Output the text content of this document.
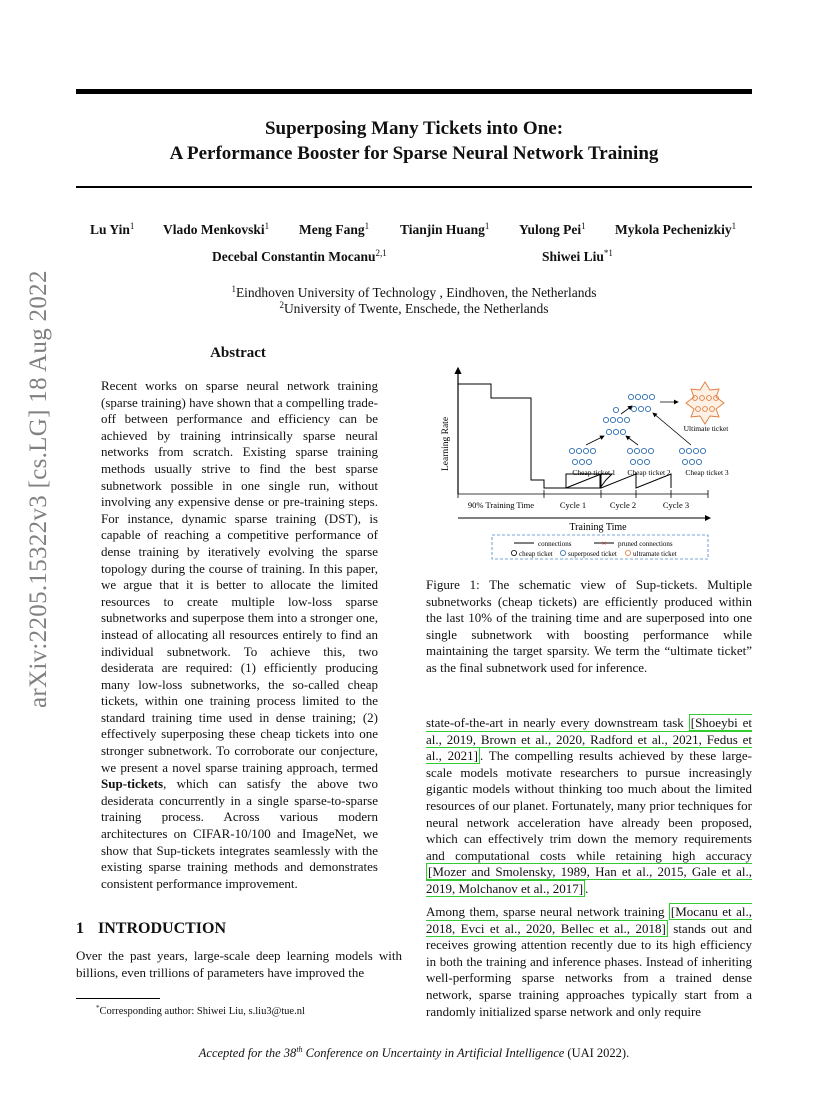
Superposing Many Tickets into One:
A Performance Booster for Sparse Neural Network Training
arXiv:2205.15322v3 [cs.LG] 18 Aug 2022
Lu Yin$^1$ Vlado Menkovski$^1$ Meng Fang$^1$ Tianjin Huang$^1$ Yulong Pei$^1$ Mykola Pechenizkiy$^1$
Decebal Constantin Mocanu$^{2,1}$	Shiwei Liu$^{*1}$
$^1$Eindhoven University of Technology , Eindhoven, the Netherlands
$^2$University of Twente, Enschede, the Netherlands
Abstract
Recent works on sparse neural network training (sparse training) have shown that a compelling trade-off between performance and efficiency can be achieved by training intrinsically sparse neural networks from scratch. Existing sparse training methods usually strive to find the best sparse subnetwork possible in one single run, without involving any expensive dense or pre-training steps. For instance, dynamic sparse training (DST), is capable of reaching a competitive performance of dense training by iteratively evolving the sparse topology during the course of training. In this paper, we argue that it is better to allocate the limited resources to create multiple low-loss sparse subnetworks and superpose them into a stronger one, instead of allocating all resources entirely to find an individual subnetwork. To achieve this, two desiderata are required: (1) efficiently producing many low-loss subnetworks, the so-called cheap tickets, within one training process limited to the standard training time used in dense training; (2) effectively superposing these cheap tickets into one stronger subnetwork. To corroborate our conjecture, we present a novel sparse training approach, termed Sup-tickets, which can satisfy the above two desiderata concurrently in a single sparse-to-sparse training process. Across various modern architectures on CIFAR-10/100 and ImageNet, we show that Sup-tickets integrates seamlessly with the existing sparse training methods and demonstrates consistent performance improvement.
1 INTRODUCTION
Over the past years, large-scale deep learning models with billions, even trillions of parameters have improved the
*Corresponding author: Shiwei Liu, s.liu3@tue.nl
Learning Rate
Training Time
90% Training Time	Cycle 1	Cycle 2	Cycle 3
Cheap ticket 1 Cheap ticket 2 Cheap ticket 3
Ultimate ticket
connections	× pruned connections
cheap ticket superposed ticket ultramate ticket
Figure 1: The schematic view of Sup-tickets. Multiple subnetworks (cheap tickets) are efficiently produced within the last 10% of the training time and are superposed into one single subnetwork with boosting performance while maintaining the target sparsity. We term the “ultimate ticket” as the final subnetwork used for inference.
state-of-the-art in nearly every downstream task [Shoeybi et al., 2019, Brown et al., 2020, Radford et al., 2021, Fedus et al., 2021] . The compelling results achieved by these large-scale models motivate researchers to pursue increasingly gigantic models without thinking too much about the limited resources of our planet. Fortunately, many prior techniques for neural network acceleration have already been proposed, which can effectively trim down the memory requirements and computational costs while retaining high accuracy [Mozer and Smolensky, 1989, Han et al., 2015, Gale et al., 2019, Molchanov et al., 2017] .
Among them, sparse neural network training [Mocanu et al., 2018, Evci et al., 2020, Bellec et al., 2018] stands out and receives growing attention recently due to its high efficiency in both the training and inference phases. Instead of inheriting well-performing sparse networks from a trained dense network, sparse training approaches typically start from a randomly initialized sparse network and only require
Accepted for the 38th Conference on Uncertainty in Artificial Intelligence (UAI 2022).
